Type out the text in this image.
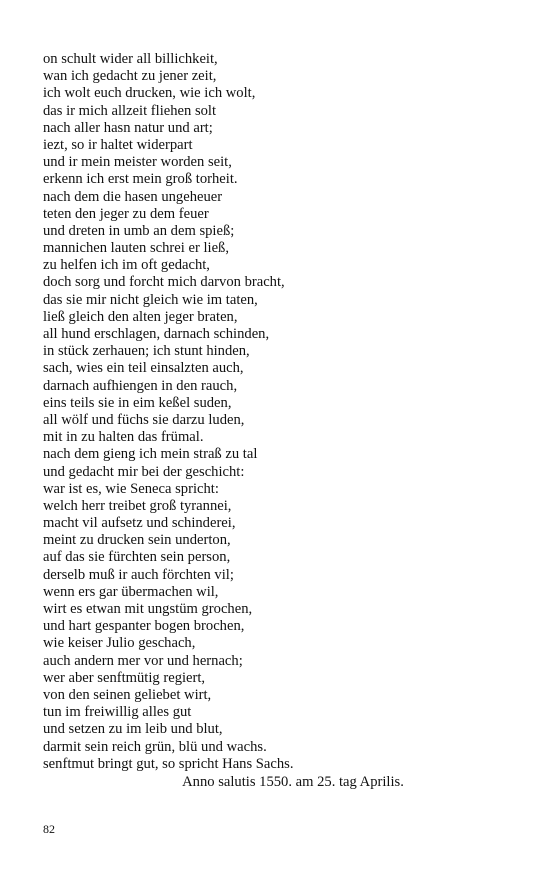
on schult wider all billichkeit,
wan ich gedacht zu jener zeit,
ich wolt euch drucken, wie ich wolt,
das ir mich allzeit fliehen solt
nach aller hasn natur und art;
iezt, so ir haltet widerpart
und ir mein meister worden seit,
erkenn ich erst mein groß torheit.
nach dem die hasen ungeheuer
teten den jeger zu dem feuer
und dreten in umb an dem spieß;
mannichen lauten schrei er ließ,
zu helfen ich im oft gedacht,
doch sorg und forcht mich darvon bracht,
das sie mir nicht gleich wie im taten,
ließ gleich den alten jeger braten,
all hund erschlagen, darnach schinden,
in stück zerhauen; ich stunt hinden,
sach, wies ein teil einsalzten auch,
darnach aufhiengen in den rauch,
eins teils sie in eim keßel suden,
all wölf und füchs sie darzu luden,
mit in zu halten das frümal.
nach dem gieng ich mein straß zu tal
und gedacht mir bei der geschicht:
war ist es, wie Seneca spricht:
welch herr treibet groß tyrannei,
macht vil aufsetz und schinderei,
meint zu drucken sein underton,
auf das sie fürchten sein person,
derselb muß ir auch förchten vil;
wenn ers gar übermachen wil,
wirt es etwan mit ungstüm grochen,
und hart gespanter bogen brochen,
wie keiser Julio geschach,
auch andern mer vor und hernach;
wer aber senftmütig regiert,
von den seinen geliebet wirt,
tun im freiwillig alles gut
und setzen zu im leib und blut,
darmit sein reich grün, blü und wachs.
senftmut bringt gut, so spricht Hans Sachs.
Anno salutis 1550. am 25. tag Aprilis.
82
